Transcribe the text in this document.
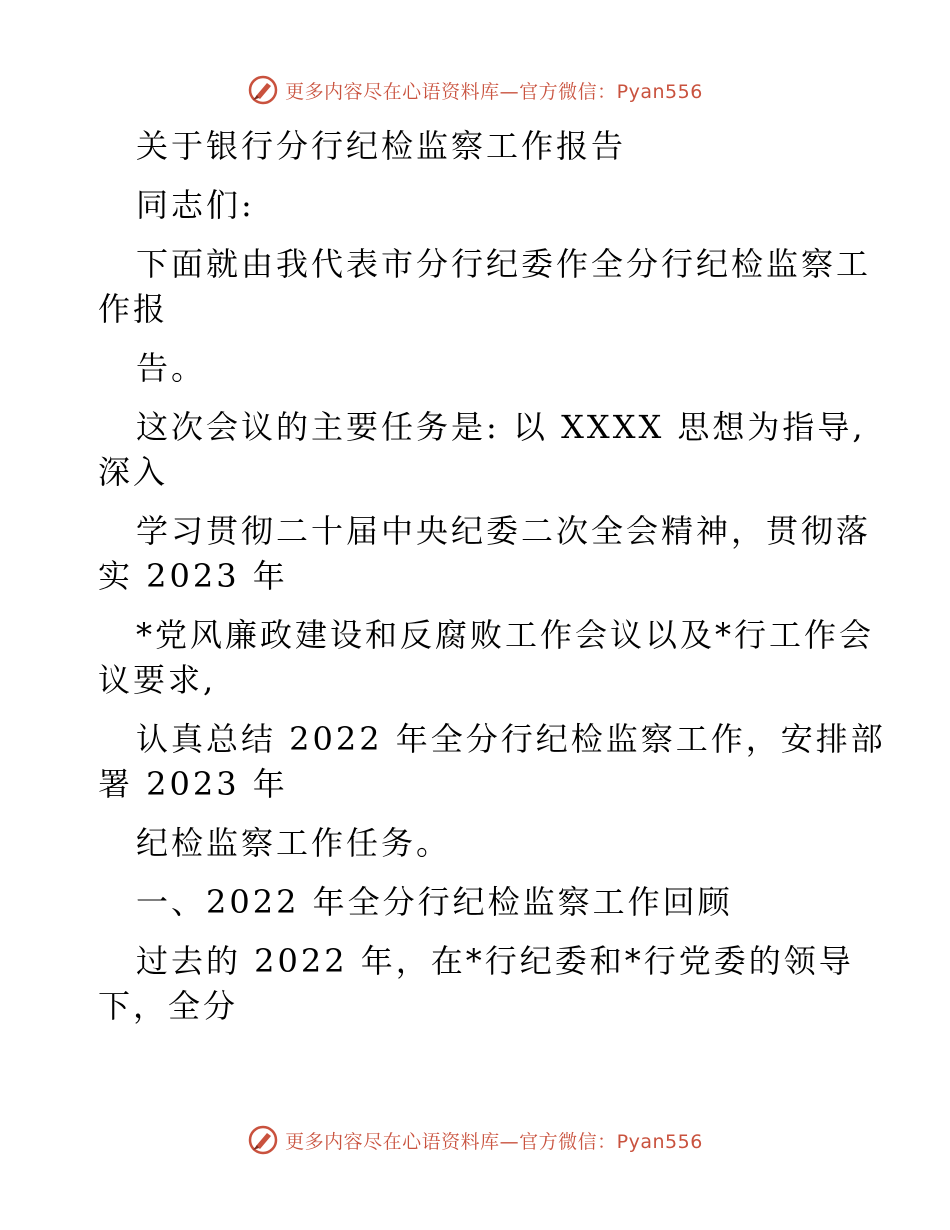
更多内容尽在心语资料库—官方微信：Pyan556
关于银行分行纪检监察工作报告
同志们:
下面就由我代表市分行纪委作全分行纪检监察工
作报
告。
这次会议的主要任务是: 以 XXXX 思想为指导,
深入
学习贯彻二十届中央纪委二次全会精神，贯彻落
实 2023 年
*党风廉政建设和反腐败工作会议以及*行工作会
议要求,
认真总结 2022 年全分行纪检监察工作，安排部
署 2023 年
纪检监察工作任务。
一、2022 年全分行纪检监察工作回顾
过去的 2022 年，在*行纪委和*行党委的领导
下，全分
更多内容尽在心语资料库—官方微信：Pyan556
